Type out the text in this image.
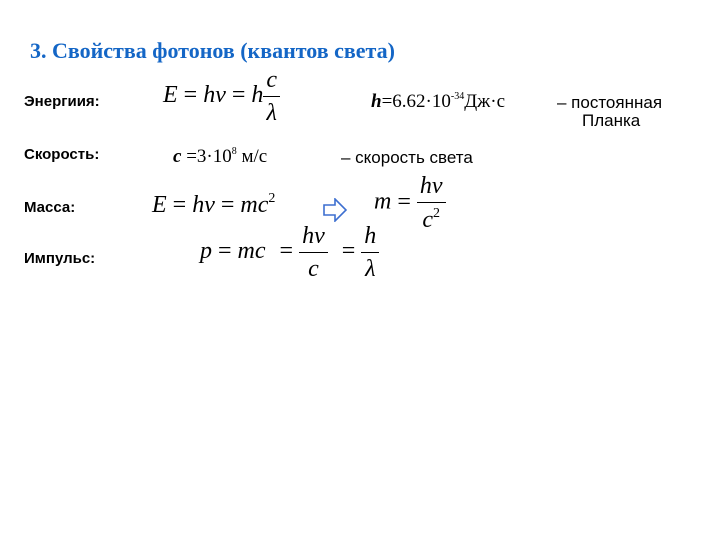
3. Свойства фотонов (квантов света)
Энергиия:	E = hν = h $\frac{c}{\lambda}$	$h=6.62\cdot 10^{-34}Дж\cdot с$	– постоянная
Планка
Скорость:	$c =3\cdot 10^8$ м/с	– скорость света
Масса:	$E = h\nu = mc^2$	$m = \frac{h\nu}{c^2}$
Импульс:	p = mc = $\frac{h\nu}{c} = \frac{h}{\lambda}$
